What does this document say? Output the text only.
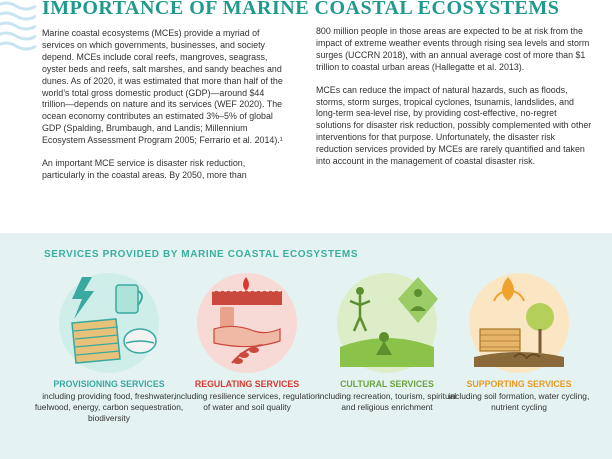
IMPORTANCE OF MARINE COASTAL ECOSYSTEMS

Marine coastal ecosystems (MCEs) provide a myriad of services on which governments, businesses, and society depend. MCEs include coral reefs, mangroves, seagrass, oyster beds and reefs, salt marshes, and sandy beaches and dunes. As of 2020, it was estimated that more than half of the world’s total gross domestic product (GDP)—around $44 trillion—depends on nature and its services (WEF 2020). The ocean economy contributes an estimated 3%–5% of global GDP (Spalding, Brumbaugh, and Landis; Millennium Ecosystem Assessment Program 2005; Ferrario et al. 2014).¹

An important MCE service is disaster risk reduction, particularly in the coastal areas. By 2050, more than

800 million people in those areas are expected to be at risk from the impact of extreme weather events through rising sea levels and storm surges (UCCRN 2018), with an annual average cost of more than $1 trillion to coastal urban areas (Hallegatte et al. 2013).

MCEs can reduce the impact of natural hazards, such as floods, storms, storm surges, tropical cyclones, tsunamis, landslides, and long-term sea-level rise, by providing cost-effective, no-regret solutions for disaster risk reduction, possibly complemented with other interventions for that purpose. Unfortunately, the disaster risk reduction services provided by MCEs are rarely quantified and taken into account in the management of coastal disaster risk.

SERVICES PROVIDED BY MARINE COASTAL ECOSYSTEMS
PROVISIONING SERVICES
including providing food, freshwater, fuelwood, energy, carbon sequestration, biodiversity
REGULATING SERVICES
including resilience services, regulation of water and soil quality
CULTURAL SERVICES
including recreation, tourism, spiritual and religious enrichment
SUPPORTING SERVICES
including soil formation, water cycling, nutrient cycling
